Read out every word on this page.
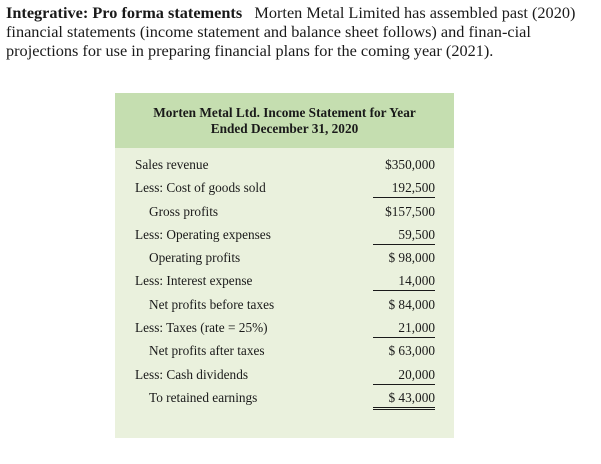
Integrative: Pro forma statements Morten Metal Limited has assembled past (2020) financial statements (income statement and balance sheet follows) and finan-cial projections for use in preparing financial plans for the coming year (2021).
Morten Metal Ltd. Income Statement for Year Ended December 31, 2020
Sales revenue	$350,000
Less: Cost of goods sold	192,500
Gross profits	$157,500
Less: Operating expenses	59,500
Operating profits	$ 98,000
Less: Interest expense	14,000
Net profits before taxes	$ 84,000
Less: Taxes (rate = 25%)	21,000
Net profits after taxes	$ 63,000
Less: Cash dividends	20,000
To retained earnings	$ 43,000
